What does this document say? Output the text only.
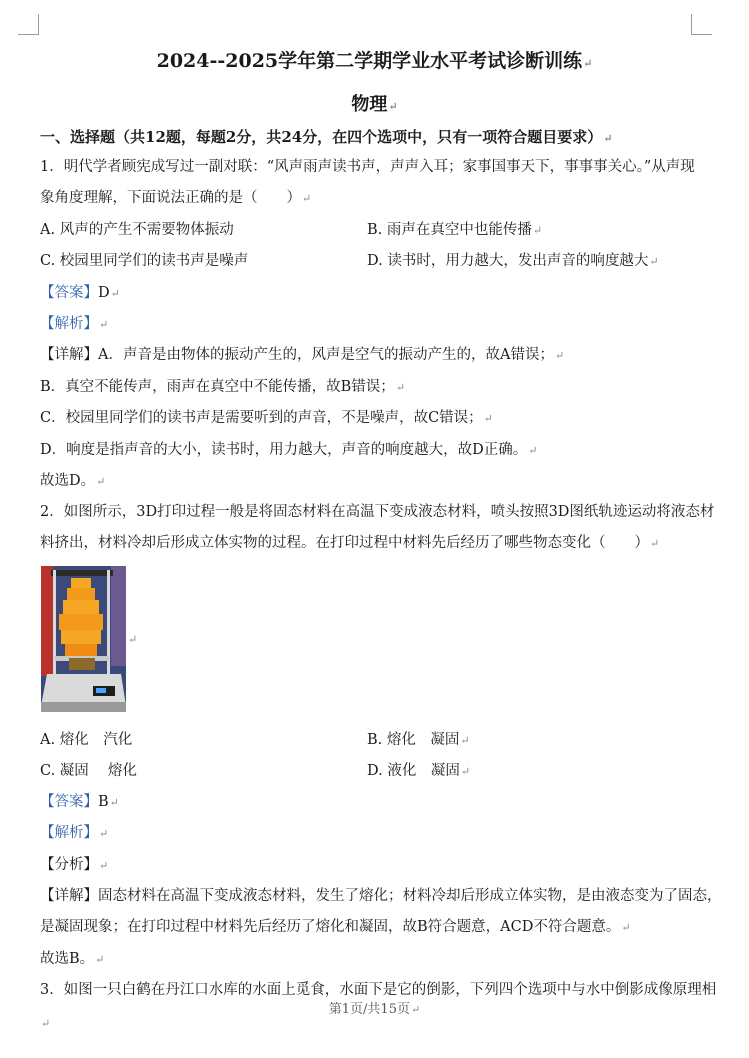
2024--2025学年第二学期学业水平考试诊断训练↵
物理↵
一、选择题（共12题，每题2分，共24分，在四个选项中，只有一项符合题目要求）↵
1．明代学者顾宪成写过一副对联：“风声雨声读书声，声声入耳；家事国事天下，事事事关心。”从声现
象角度理解，下面说法正确的是（　　）↵
A. 风声的产生不需要物体振动	B. 雨声在真空中也能传播↵
C. 校园里同学们的读书声是噪声	D. 读书时，用力越大，发出声音的响度越大↵
【答案】D↵
【解析】↵
【详解】A．声音是由物体的振动产生的，风声是空气的振动产生的，故A错误；↵
B．真空不能传声，雨声在真空中不能传播，故B错误；↵
C．校园里同学们的读书声是需要听到的声音，不是噪声，故C错误；↵
D．响度是指声音的大小，读书时，用力越大，声音的响度越大，故D正确。↵
故选D。↵
2．如图所示，3D打印过程一般是将固态材料在高温下变成液态材料，喷头按照3D图纸轨迹运动将液态材
料挤出，材料冷却后形成立体实物的过程。在打印过程中材料先后经历了哪些物态变化（　　）↵
↵
A. 熔化　汽化	B. 熔化　凝固↵
C. 凝固　 熔化	D. 液化　凝固↵
【答案】B↵
【解析】↵
【分析】↵
【详解】固态材料在高温下变成液态材料，发生了熔化；材料冷却后形成立体实物，是由液态变为了固态，
是凝固现象；在打印过程中材料先后经历了熔化和凝固，故B符合题意，ACD不符合题意。↵
故选B。↵
3．如图一只白鹤在丹江口水库的水面上觅食，水面下是它的倒影，下列四个选项中与水中倒影成像原理相
第1页/共15页↵
↵
